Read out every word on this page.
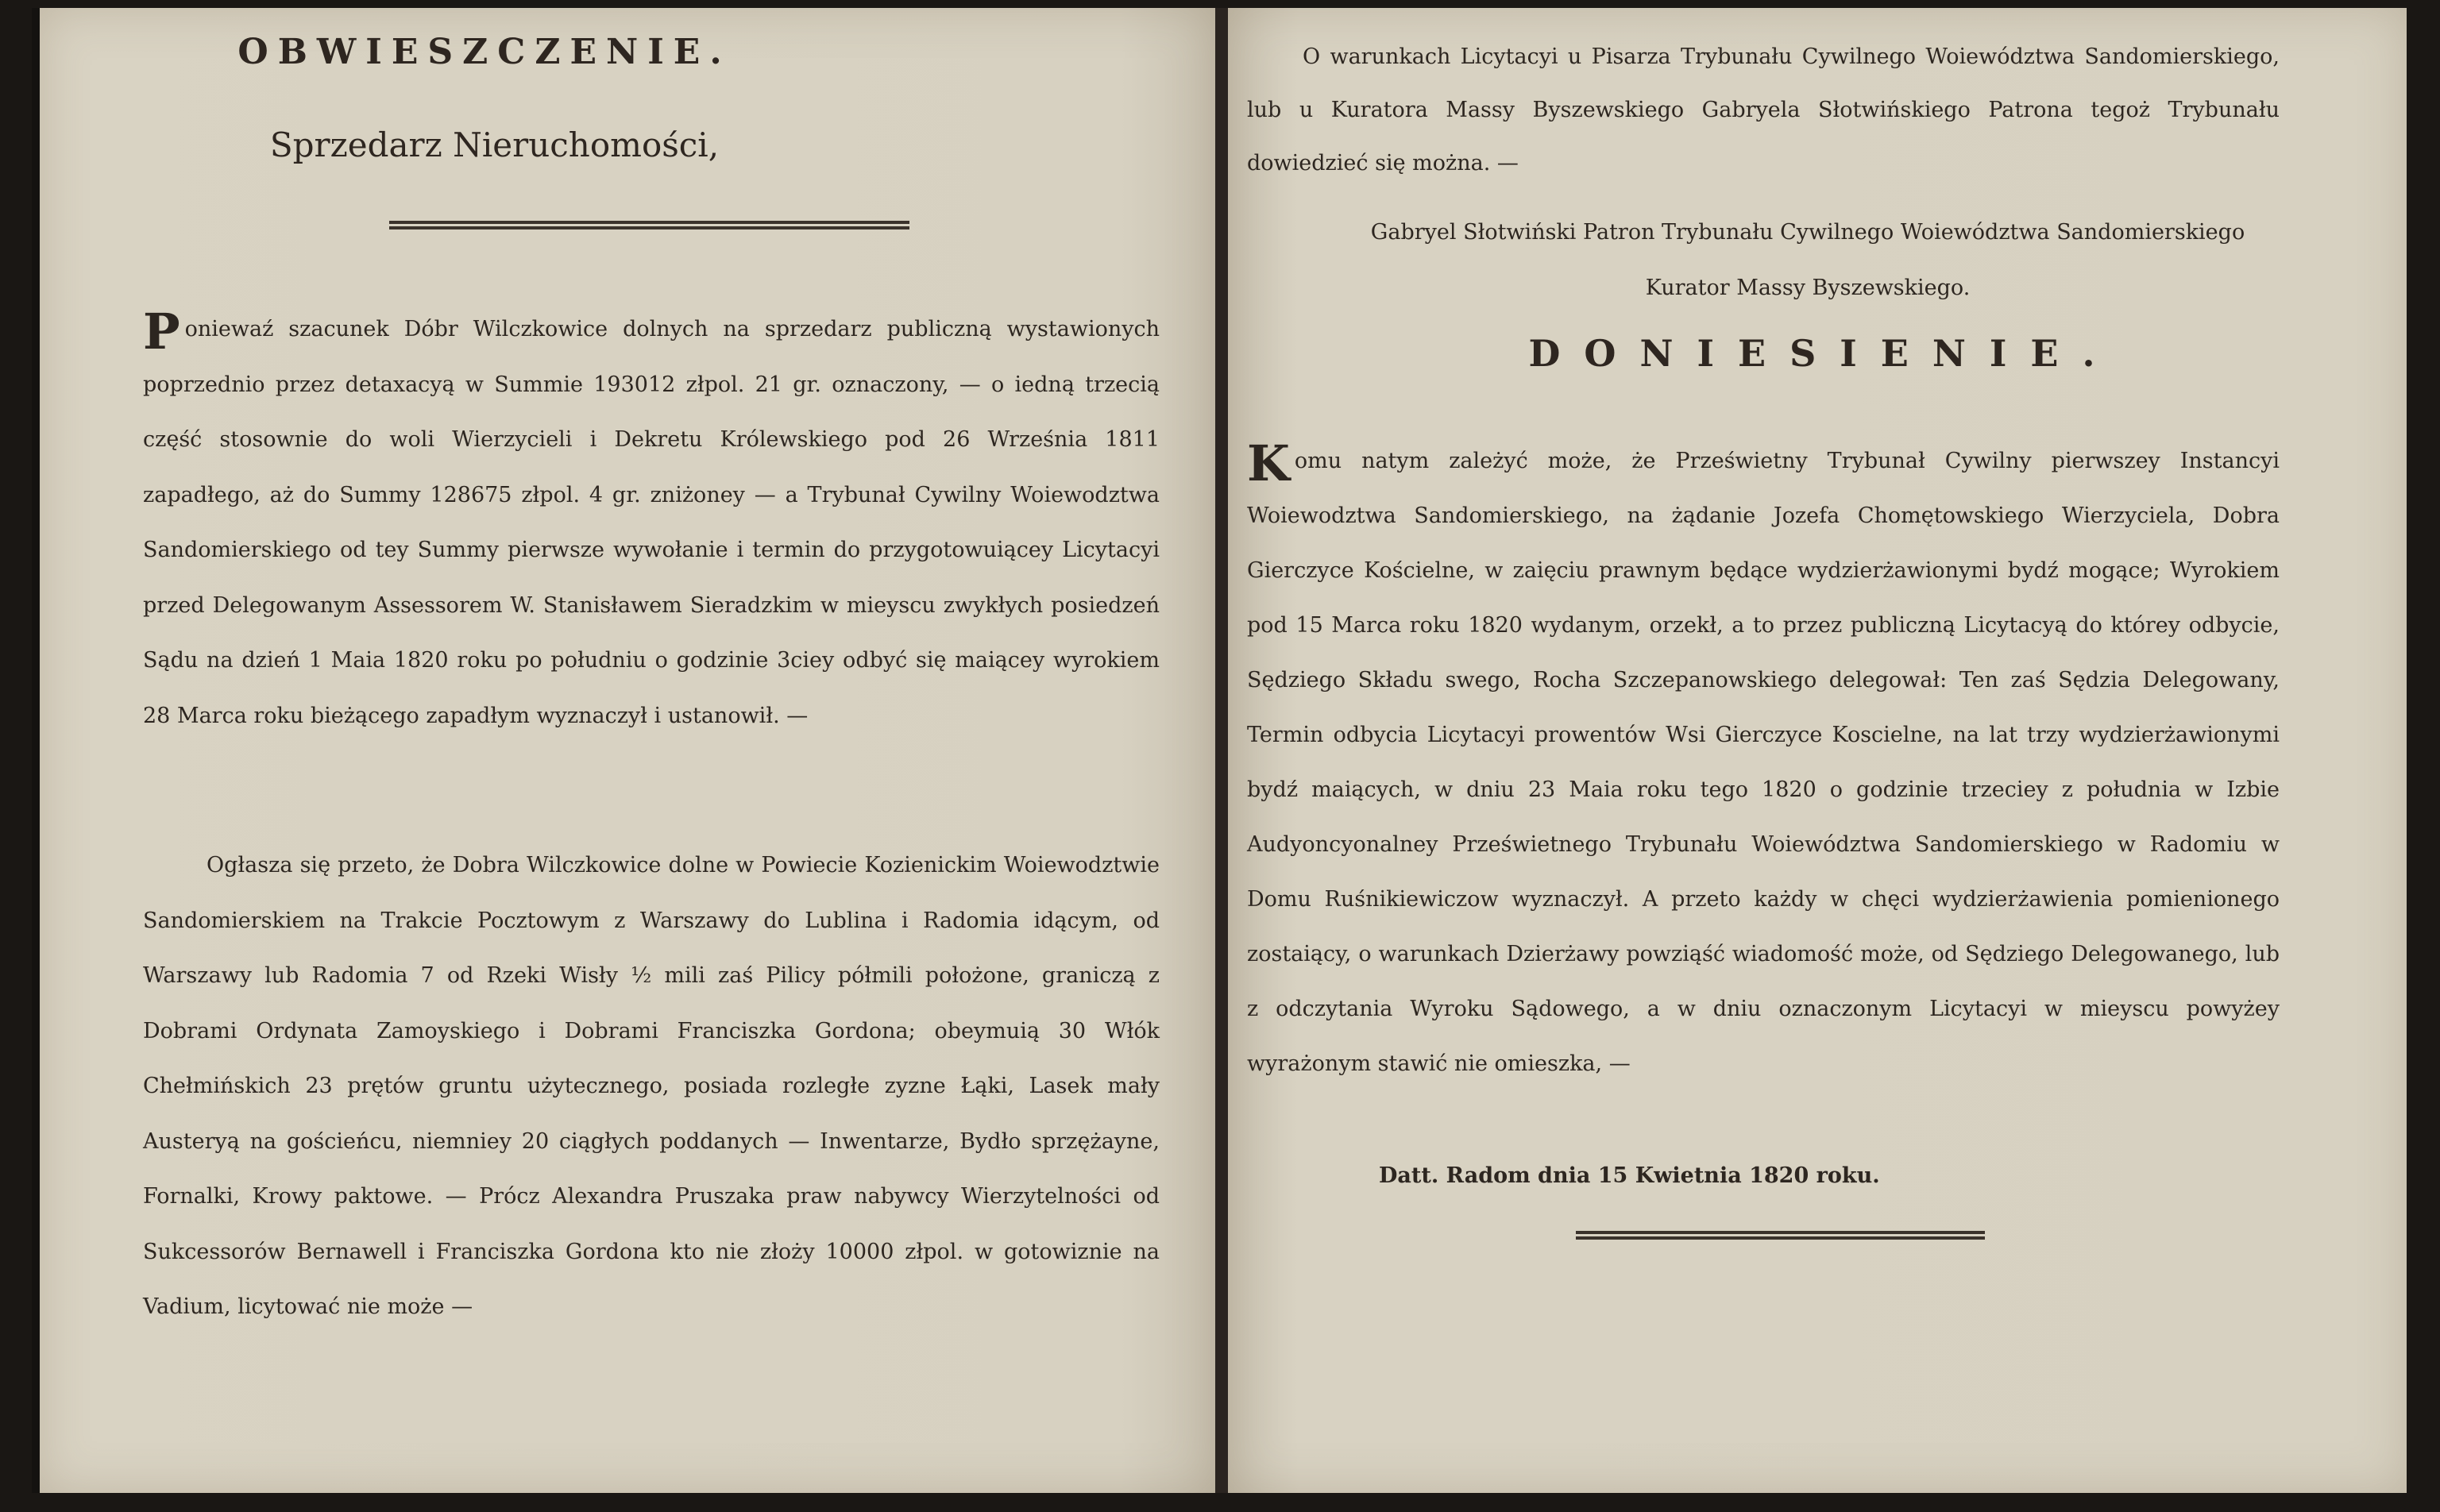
OBWIESZCZENIE.
Sprzedarz Nieruchomości,
P oniewaź szacunek Dóbr Wilczkowice dolnych na sprzedarz publiczną wystawionych poprzednio przez detaxacyą w Summie 193012 złpol. 21 gr. oznaczony, — o iedną trzecią część stosownie do woli Wierzycieli i Dekretu Królewskiego pod 26 Września 1811 zapadłego, aż do Summy 128675 złpol. 4 gr. zniżoney — a Trybunał Cywilny Woiewodztwa Sandomierskiego od tey Summy pierwsze wywołanie i termin do przygotowuiącey Licytacyi przed Delegowanym Assessorem W. Stanisławem Sieradzkim w mieyscu zwykłych posiedzeń Sądu na dzień 1 Maia 1820 roku po południu o godzinie 3ciey odbyć się maiącey wyrokiem 28 Marca roku bieżącego zapadłym wyznaczył i ustanowił. —
Ogłasza się przeto, że Dobra Wilczkowice dolne w Powiecie Kozienickim Woiewodztwie Sandomierskiem na Trakcie Pocztowym z Warszawy do Lublina i Radomia idącym, od Warszawy lub Radomia 7 od Rzeki Wisły ½ mili zaś Pilicy półmili położone, graniczą z Dobrami Ordynata Zamoyskiego i Dobrami Franciszka Gordona; obeymuią 30 Włók Chełmińskich 23 prętów gruntu użytecznego, posiada rozległe zyzne Łąki, Lasek mały Austeryą na gościeńcu, niemniey 20 ciągłych poddanych — Inwentarze, Bydło sprzężayne, Fornalki, Krowy paktowe. — Prócz Alexandra Pruszaka praw nabywcy Wierzytelności od Sukcessorów Bernawell i Franciszka Gordona kto nie złoży 10000 złpol. w gotowiznie na Vadium, licytować nie może —
O warunkach Licytacyi u Pisarza Trybunału Cywilnego Woiewództwa Sandomierskiego, lub u Kuratora Massy Byszewskiego Gabryela Słotwińskiego Patrona tegoż Trybunału dowiedzieć się można. —
Gabryel Słotwiński Patron Trybunału Cywilnego Woiewództwa Sandomierskiego Kurator Massy Byszewskiego.
DONIESIENIE.
K omu natym zależyć może, że Prześwietny Trybunał Cywilny pierwszey Instancyi Woiewodztwa Sandomierskiego, na żądanie Jozefa Chomętowskiego Wierzyciela, Dobra Gierczyce Kościelne, w zaięciu prawnym będące wydzierżawionymi bydź mogące; Wyrokiem pod 15 Marca roku 1820 wydanym, orzekł, a to przez publiczną Licytacyą do którey odbycie, Sędziego Składu swego, Rocha Szczepanowskiego delegował: Ten zaś Sędzia Delegowany, Termin odbycia Licytacyi prowentów Wsi Gierczyce Koscielne, na lat trzy wydzierżawionymi bydź maiących, w dniu 23 Maia roku tego 1820 o godzinie trzeciey z południa w Izbie Audyoncyonalney Prześwietnego Trybunału Woiewództwa Sandomierskiego w Radomiu w Domu Ruśnikiewiczow wyznaczył. A przeto każdy w chęci wydzierżawienia pomienionego zostaiący, o warunkach Dzierżawy powziąść wiadomość może, od Sędziego Delegowanego, lub z odczytania Wyroku Sądowego, a w dniu oznaczonym Licytacyi w mieyscu powyżey wyrażonym stawić nie omieszka, —
Datt. Radom dnia 15 Kwietnia 1820 roku.
